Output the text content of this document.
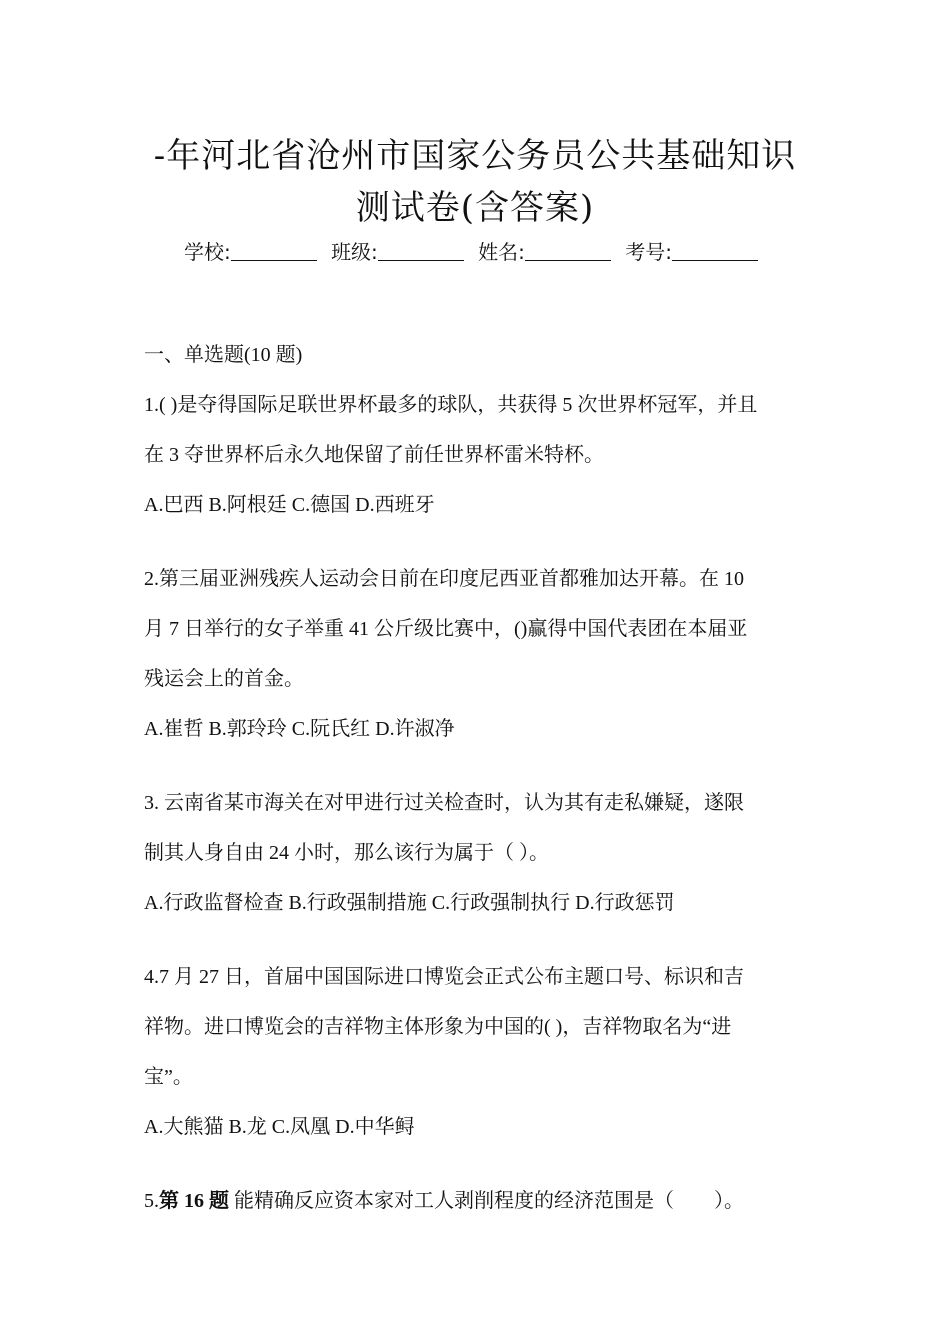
-年河北省沧州市国家公务员公共基础知识
测试卷(含答案)
学校:	班级:	姓名:	考号:
一、单选题(10 题)
1.( )是夺得国际足联世界杯最多的球队，共获得 5 次世界杯冠军，并且
在 3 夺世界杯后永久地保留了前任世界杯雷米特杯。
A.巴西 B.阿根廷 C.德国 D.西班牙
2.第三届亚洲残疾人运动会日前在印度尼西亚首都雅加达开幕。在 10
月 7 日举行的女子举重 41 公斤级比赛中，()赢得中国代表团在本届亚
残运会上的首金。
A.崔哲 B.郭玲玲 C.阮氏红 D.许淑净
3. 云南省某市海关在对甲进行过关检查时，认为其有走私嫌疑，遂限
制其人身自由 24 小时，那么该行为属于（ ）。
A.行政监督检查 B.行政强制措施 C.行政强制执行 D.行政惩罚
4.7 月 27 日，首届中国国际进口博览会正式公布主题口号、标识和吉
祥物。进口博览会的吉祥物主体形象为中国的( )，吉祥物取名为“进
宝”。
A.大熊猫 B.龙 C.凤凰 D.中华鲟
5.第 16 题 能精确反应资本家对工人剥削程度的经济范围是（　　）。
